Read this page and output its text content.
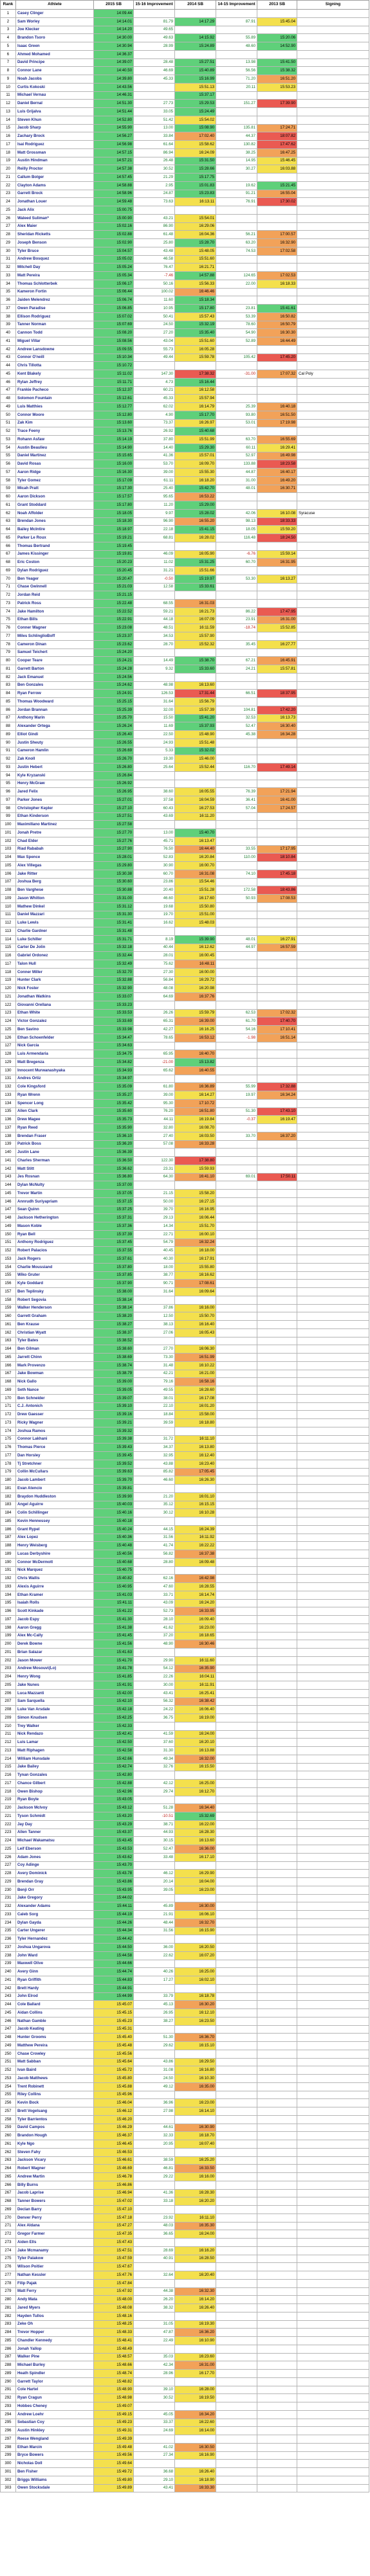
Rank	Athlete	2015 SB	15-16 Improvement	2014 SB	14-15 Improvement	2013 SB	Signing
1	Casey Clinger	14:09.44					
2	Sam Worley	14:14.01	81.79	14:17.29	87.91	15:45.04	
3	Joe Klecker	14:14.20	49.65				
4	Brandon Tsoro	14:30.00	49.63	14:15.92	55.89	15:20.06	
5	Isaac Green	14:30.94	28.99	15:24.89	48.60	14:52.90	
6	Ahmed Mohamed	14:36.37					
7	David Principe	14:39.07	28.48	15:27.51	13.98	15:41.50	
8	Connor Lane	14:40.50	46.69	15:40.89	56.56	15:38.32	
9	Noah Jacobs	14:39.80	45.33	15:16.99	71.20	16:51.20	
10	Curtis Kokoski	14:43.56		15:51.13	20.11	15:53.23	
11	Michael Vernau	14:46.31		15:37.17			
12	Daniel Bernal	14:51.30	27.73	15:29.53	151.27	17:39.90	
13	Luis Grijalva	14:51.44	33.05	15:24.49			
14	Steven Khun	14:52.80	51.42	15:54.02			
15	Jacob Sharp	14:55.90	13.00	15:08.90	135.81	17:24.71	
16	Zachary Brock	14:56.27	33.84	17:02.40	44.37	18:07.82	
17	Isai Rodriguez	14:56.98	61.64	15:58.62	130.82	17:47.62	
18	Matt Grossman	14:57.15	86.94	16:24.09	38.25	16:47.25	
19	Austin Hindman	14:57.21	26.48	15:31.50	14.95	15:46.45	
20	Reilly Proctor	14:57.38	30.52	15:28.66	30.27	16:03.88	
21	Callum Bolger	14:57.45	21.29	15:17.75			
22	Clayton Adams	14:58.88	2.95	15:01.83	19.62	15:21.45	
23	Garrett Brock	14:58.96	24.87	15:23.83	91.21	16:55.04	
24	Jonathan Louer	14:59.48	73.63	16:13.11	76.91	17:30.02	
25	Jack Alix	15:00.75					
26	Waleed Suliman*	15:00.90	43.21	15:54.01			
27	Alex Maier	15:02.16	86.90	16:29.06			
28	Sheridan Ricketts	15:02.88	61.48	16:04.36	56.21	17:00.57	
29	Joseph Benson	15:02.90	25.80	15:28.70	63.20	16:32.90	
30	Tyler Bruce	15:04.57	43.48	15:48.05	74.53	17:02.58	
31	Andrew Bosquez	15:05.02	46.58	15:51.60			
32	Mitchell Day	15:05.24	76.47	16:21.71			
33	Matt Pereira	15:05.34	-7.46	14:57.88	124.65	17:02.53	
34	Thomas Schlotterbek	15:06.17	50.16	15:56.33	22.00	16:18.33	
35	Kameron Fortin	15:06.44	100.02	16:46.46			
36	Jaiden Melendrez	15:06.74	11.60	15:18.34			
37	Owen Paradise	15:06.85	10.95	15:17.80	23.81	15:41.61	
38	Ellison Rodriguez	15:07.02	50.41	15:57.43	53.39	16:50.82	
39	Tanner Norman	15:07.69	24.50	15:32.19	78.60	16:50.79	
40	Cannon Todd	15:08.20	27.20	15:35.40	54.90	16:30.30	
41	Miguel Villar	15:08.56	43.04	15:51.60	52.89	16:44.49	
42	Andrew Lansdowne	15:09.55	55.73	16:05.28			
43	Connor O'neill	15:10.34	49.44	15:59.78	105.42	17:45.20	
44	Chris Tillotta	15:10.72					
45	Kent Blakely	15:11.02	147.30	17:38.32	-31.00	17:07.32	Cal Poly
46	Rylan Jeffrey	15:11.71	4.73	15:16.44			
47	Frankie Pacheco	15:12.37	60.21	16:12.58			
48	Solomon Fountain	15:12.61	45.33	15:57.94			
49	Luis Matthies	15:12.77	62.02	16:14.79	25.39	16:40.18	
50	Connor Moore	15:12.80	4.90	15:17.70	93.80	16:51.50	
51	Zak Kim	15:13.60	73.37	16:26.97	53.01	17:19.98	
52	Trace Feeny	15:13.76	26.92	15:40.68			
53	Rohann Asfaw	15:14.19	37.80	15:51.99	63.70	16:55.69	
54	Austin Beaulieu	15:14.90	14.40	15:29.30	60.11	16:29.41	
55	Daniel Martinez	15:15.65	41.36	15:57.01	52.97	16:49.98	
56	David Rosas	15:16.00	53.70	16:09.70	133.88	18:23.58	
57	Aaron Ridge	15:16.30	39.00	15:55.30	44.87	16:40.17	
58	Tyler Gomez	15:17.09	61.11	16:18.20	31.00	16:49.20	
59	Micah Pratt	15:17.30	25.40	15:42.70	48.01	16:30.71	
60	Aaron Dickson	15:17.57	95.65	16:53.22			
61	Grant Stoddard	15:17.80	11.20	15:29.00			
62	Noah Affolder	15:18.05	9.97	15:28.02	42.06	16:10.08	Syracuse
63	Brendan Jones	15:18.30	96.90	16:55.20	98.13	18:33.33	
64	Bailey McIntire	15:18.97	22.18	15:41.15	18.05	15:59.20	
65	Parker Le Roux	15:19.21	68.81	16:28.02	116.48	18:24.50	
66	Thomas Bertrand	15:19.45					
67	James Kissinger	15:19.81	46.09	16:05.90	-6.76	15:59.14	
68	Eric Coston	15:20.23	11.02	15:31.25	60.70	16:31.95	
69	Dylan Rodriguez	15:20.45	31.21	15:51.66			
70	Ben Yeager	15:20.47	-0.50	15:19.97	53.30	16:13.27	
71	Chase Gwinnell	15:21.03	12.58	15:33.61			
72	Jordan Reid	15:21.15					
73	Patrick Ross	15:22.48	68.55	16:31.03			
74	Jake Hamilton	15:22.52	59.21	16:21.73	86.22	17:47.95	
75	Ethan Bills	15:22.91	44.18	16:07.09	23.91	16:31.00	
76	Conner Wagner	15:23.08	48.51	16:11.59	-18.74	15:52.85	
77	Miles SchlinglioBoff	15:23.37	34.53	15:57.90			
78	Cameron Dinan	15:23.62	28.70	15:52.32	35.45	16:27.77	
79	Samuel Teichert	15:24.20					
80	Cooper Teare	15:24.21	14.49	15:38.70	67.21	16:45.91	
81	Garrett Barton	15:24.28	9.32	15:33.60	24.21	15:57.81	
82	Jack Emanuel	15:24.56					
83	Ben Gonzales	15:24.62	48.98	16:13.60			
84	Ryan Ferrow	15:24.91	126.53	17:31.44	66.51	18:37.95	
85	Thomas Woodward	15:25.15	31.64	15:56.79			
86	Jordan Brannan	15:25.39	32.00	15:57.39	104.81	17:42.20	
87	Anthony Marin	15:25.70	15.50	15:41.20	32.53	16:13.73	
88	Alexander Ortega	15:26.24	11.69	15:37.93	52.47	16:30.40	
89	Elliot Gindi	15:26.40	22.50	15:48.90	45.38	16:34.28	
90	Justin Sheuty	15:26.55	24.93	15:51.48			
91	Cameron Hamlin	15:26.69	5.33	15:32.02			
92	Zak Knoll	15:26.70	19.30	15:46.00			
93	Justin Hebert	15:26.80	25.64	15:52.44	116.70	17:49.14	
94	Kyle Kryzanski	15:26.84					
95	Henry McGraw	15:26.92					
96	Jared Felix	15:26.95	38.60	16:05.55	76.39	17:21.94	
97	Parker Jones	15:27.01	37.58	16:04.59	36.41	16:41.00	
98	Christopher Kepler	15:27.10	60.43	16:27.53	57.04	17:24.57	
99	Ethan Kinderson	15:27.51	43.69	16:11.20			
100	Maximillano Martinez	15:27.58					
101	Jonah Pretre	15:27.70	13.00	15:40.70			
102	Chad Elder	15:27.76	45.71	16:13.47			
103	Riad Rababah	15:27.90	76.50	16:44.40	33.55	17:17.95	
104	Max Spence	15:28.01	52.83	16:20.84	110.00	18:10.84	
105	Alex Villegas	15:29.80	30.90	16:00.70			
106	Jake Ritter	15:30.38	60.70	16:31.08	74.10	17:45.18	
107	Joshua Berg	15:30.60	23.86	15:54.46			
108	Ben Varghese	15:30.88	20.40	15:51.28	172.58	18:43.86	
109	Jason Whitton	15:31.00	46.60	16:17.60	50.93	17:08.53	
110	Mathew Dinkel	15:31.12	19.68	15:50.80			
111	Daniel Mazzari	15:31.30	19.70	15:51.00			
112	Luke Lewis	15:31.41	16.62	15:48.03			
113	Charlie Gardner	15:31.48					
114	Luke Schiller	15:31.71	8.19	15:39.90	48.01	16:27.91	
115	Carter De Jolin	15:32.18	40.44	16:12.62	44.97	16:57.59	
116	Gabriel Ordonez	15:32.44	28.01	16:00.45			
117	Talon Hull	15:32.49	75.62	16:48.11			
118	Conner Miller	15:32.70	27.30	16:00.00			
119	Hunter Clark	15:32.88	56.84	16:29.72			
120	Nick Foster	15:32.90	48.08	16:20.98			
121	Jonathan Watkins	15:33.07	64.69	16:37.76			
122	Giovanni Orellana	15:33.23					
123	Ethan White	15:33.53	26.26	15:59.79	62.53	17:02.32	
124	Victor Gonzalez	15:33.69	65.31	16:39.00	61.70	17:40.70	
125	Ben Savino	15:33.98	42.27	16:16.25	54.16	17:10.41	
126	Ethan Schoenfelder	15:34.47	78.65	16:53.12	-1.98	16:51.14	
127	Nick Garcia	15:34.63					
128	Luis Armendaria	15:34.75	65.95	16:40.70			
129	Matt Bregenza	15:34.82	-21.00	15:13.82			
130	Innocent Murwanashyaka	15:34.93	65.62	16:40.55			
131	Andres Ortiz	15:34.97					
132	Cole Kingsford	15:35.09	61.80	16:36.89	55.99	17:32.88	
133	Ryan Wrenn	15:35.27	39.00	16:14.27	19.97	16:34.24	
134	Spencer Long	15:35.42	95.30	17:10.72			
135	Allen Clark	15:35.60	76.20	16:51.80	51.30	17:43.10	
136	Drew Magee	15:35.73	44.11	16:19.84	-0.37	16:19.47	
137	Ryan Reed	15:35.90	32.80	16:08.70			
138	Brendan Fraser	15:36.10	27.40	16:03.50	33.70	16:37.20	
139	Patrick Boss	15:36.20	57.08	16:33.28			
140	Justin Lane	15:36.39					
141	Charles Sherman	15:36.50	122.30	17:38.80			
142	Matt Stitt	15:36.62	23.31	15:59.93			
143	Jes Rosnan	15:36.80	64.30	16:41.10	69.01	17:50.11	
144	Dylan McNulty	15:37.00					
145	Trevor Martin	15:37.05	21.15	15:58.20			
146	Annrudh Suriyapriam	15:37.15	50.00	16:27.15			
147	Sean Quinn	15:37.25	39.70	16:16.95			
148	Jackson Hetherington	15:37.31	29.13	16:06.44			
149	Mason Koble	15:37.36	14.34	15:51.70			
150	Ryan Bell	15:37.39	22.71	16:00.10			
151	Anthony Rodriguez	15:37.45	54.79	16:32.24			
152	Robert Palacios	15:37.55	40.45	16:18.00			
153	Jack Rogers	15:37.61	40.30	16:17.91			
154	Charlie Moussiand	15:37.80	18.00	15:55.80			
155	Wiko Gruter	15:37.85	38.77	16:16.62			
156	Kyle Goddard	15:37.90	90.71	17:08.61			
157	Ben Teplinsky	15:38.00	31.64	16:09.64			
158	Robert Segovia	15:38.14					
159	Walker Henderson	15:38.14	37.86	16:16.00			
160	Garrett Graham	15:38.20	12.50	15:50.70			
161	Ben Krause	15:38.27	38.13	16:16.40			
162	Christian Wyatt	15:38.37	27.06	16:05.43			
163	Tyler Bates	15:38.52					
164	Ben Gilman	15:38.60	27.70	16:06.30			
165	Jarrett Chinn	15:38.69	73.30	16:51.99			
166	Mark Provenzo	15:38.74	31.48	16:10.22			
167	Jake Bowman	15:38.79	42.21	16:21.00			
168	Nick Gallo	15:39.00	79.16	16:58.16			
169	Seth Nance	15:39.05	49.55	16:28.60			
170	Ben Schneider	15:39.07	38.01	16:17.08			
171	C.J. Antonich	15:39.10	22.10	16:01.20			
172	Drew Gaesser	15:39.16	18.84	15:58.00			
173	Ricky Wagner	15:39.21	39.59	16:18.80			
174	Joshua Ramos	15:39.32					
175	Connor Lakhani	15:39.38	31.72	16:11.10			
176	Thomas Pierce	15:39.43	34.37	16:13.80			
177	Dan Horsley	15:39.45	32.95	16:12.40			
178	Tj Stretchner	15:39.52	43.88	16:23.40			
179	Collin McCullars	15:39.63	85.82	17:05.45			
180	Jacob Lambert	15:39.70	46.60	16:26.30			
181	Evan Atencio	15:39.81					
182	Braydon Huddleston	15:39.90	21.20	16:01.10			
183	Angel Aguirre	15:40.03	35.12	16:15.15			
184	Colin Schillinger	15:40.16	30.12	16:10.28			
185	Kevin Hennessey	15:40.18					
186	Grant Rypel	15:40.24	44.15	16:24.39			
187	Alex Lopez	15:40.36	31.56	16:11.92			
188	Henry Weisberg	15:40.48	41.74	16:22.22			
189	Lucas Derbyshire	15:40.56	56.82	16:37.38			
190	Connor McDermott	15:40.68	28.80	16:09.48			
191	Nick Marquez	15:40.75					
192	Chris Wallis	15:40.82	62.16	16:42.98			
193	Alexis Aguirre	15:40.95	47.60	16:28.55			
194	Ethan Kramer	15:41.03	33.71	16:14.74			
195	Isaiah Rolls	15:41.11	43.09	16:24.20			
196	Scott Kinkade	15:41.22	52.73	16:33.95			
197	Jacob Espy	15:41.30	28.10	16:09.40			
198	Aaron Gregg	15:41.38	41.62	16:23.00			
199	Alex Mc-Cally	15:41.45	37.20	16:18.65			
200	Derek Bowne	15:41.56	48.90	16:30.46			
201	Brian Salazar	15:41.63					
202	Jason Mower	15:41.70	29.90	16:11.60			
203	Andrew Mosouvi(Lo)	15:41.78	54.12	16:35.90			
204	Henry Wong	15:41.85	22.26	16:04.11			
205	Jake Nunes	15:41.91	30.00	16:11.91			
206	Luca Mazzanti	15:42.00	43.41	16:25.41			
207	Sam Sarquella	15:42.10	56.32	16:38.42			
208	Luke Van Arsdale	15:42.18	24.22	16:06.40			
209	Simon Knudsen	15:42.25	36.75	16:19.00			
210	Trey Walker	15:42.33					
211	Nick Rendazo	15:42.41	41.59	16:24.00			
212	Luis Lamar	15:42.50	37.60	16:20.10			
213	Matt Riphagen	15:42.58	31.30	16:13.88			
214	William Hunsdale	15:42.66	49.34	16:32.00			
215	Jake Bailey	15:42.74	32.76	16:15.50			
216	Tynan Gonzales	15:42.80					
217	Chance Gilbert	15:42.88	42.12	16:25.00			
218	Owen Bishop	15:42.96	29.74	16:12.70			
219	Ryan Boyle	15:43.05					
220	Jackson McIvoy	15:43.12	51.28	16:34.40			
221	Tyson Schmidt	15:43.20	-10.51	15:32.69			
222	Jay Day	15:43.29	38.71	16:22.00			
223	Allen Tanner	15:43.37	44.93	16:28.30			
224	Michael Wakamatsu	15:43.45	30.15	16:13.60			
225	Leif Eberson	15:43.53	52.47	16:36.00			
226	Adam Jones	15:43.62	33.48	16:17.10			
227	Coy Adinge	15:43.70					
228	Avery Dominick	15:43.78	46.12	16:29.90			
229	Brendan Gray	15:43.86	20.14	16:04.00			
230	Benji Orr	15:43.95	39.05	16:23.00			
231	Jake Gregory	15:44.02					
232	Alexander Adams	15:44.11	45.89	16:30.00			
233	Caleb Sorg	15:44.19	21.91	16:06.10			
234	Dylan Gayda	15:44.26	48.44	16:32.70			
235	Carter Ungerer	15:44.34	31.56	16:15.90			
236	Tyler Hernandez	15:44.42					
237	Joshua Ungarova	15:44.50	36.00	16:20.50			
238	John Ward	15:44.58	22.62	16:07.20			
239	Maxwell Olive	15:44.66					
240	Avery Ginn	15:44.74	40.26	16:25.00			
241	Ryan Griffith	15:44.83	17.27	16:02.10			
242	Brett Hardy	15:44.91					
243	John Elrod	15:44.99	33.79	16:18.78			
244	Cole Ballard	15:45.07	45.13	16:30.20			
245	Aidan Collins	15:45.15	26.95	16:12.10			
246	Nathan Gamble	15:45.23	38.27	16:23.50			
247	Jacob Keating	15:45.31					
248	Hunter Grooms	15:45.40	51.30	16:36.70			
249	Matthew Pereira	15:45.48	29.62	16:15.10			
250	Chase Crowley	15:45.56					
251	Matt Sabban	15:45.64	43.86	16:29.50			
252	Ivan Baird	15:45.72	31.08	16:16.80			
253	Jacob Matthews	15:45.80	24.50	16:10.30			
254	Trent Robinett	15:45.88	49.12	16:35.00			
255	Riley Collins	15:45.96					
256	Kevin Bock	15:46.04	36.96	16:23.00			
257	Brett Vogelsang	15:46.12	27.98	16:14.10			
258	Tyler Barrientos	15:46.20					
259	David Campos	15:46.29	44.61	16:30.90			
260	Brandon Hough	15:46.37	32.33	16:18.70			
261	Kyle Ngo	15:46.45	20.95	16:07.40			
262	Steven Fahy	15:46.53					
263	Jackson Vicary	15:46.61	38.59	16:25.20			
264	Robert Wagner	15:46.69	46.81	16:33.50			
265	Andrew Martin	15:46.78	29.22	16:16.00			
266	Billy Burns	15:46.86					
267	Jacob Laprise	15:46.94	41.36	16:28.30			
268	Tanner Bowers	15:47.02	33.18	16:20.20			
269	Declan Barry	15:47.10					
270	Denver Perry	15:47.18	23.92	16:11.10			
271	Alex Aldana	15:47.27	48.03	16:35.30			
272	Gregor Farmer	15:47.35	36.65	16:24.00			
273	Aiden Ells	15:47.43					
274	Jake Mcmanamy	15:47.51	28.69	16:16.20			
275	Tyler Palakow	15:47.59	40.91	16:28.50			
276	Wilson Poitier	15:47.67					
277	Nathan Kessler	15:47.76	32.64	16:20.40			
278	Filip Pajak	15:47.84					
279	Matt Ferry	15:47.92	44.38	16:32.30			
280	Andy Mata	15:48.00	26.20	16:14.20			
281	Jared Myers	15:48.08	38.32	16:26.40			
282	Hayden Tullos	15:48.16					
283	Zeke Oh	15:48.25	31.05	16:19.30			
284	Trevor Hopper	15:48.33	47.87	16:36.20			
285	Chandler Kennedy	15:48.41	22.49	16:10.90			
286	Jonah Yallop	15:48.49					
287	Walker Pine	15:48.57	35.03	16:23.60			
288	Michael Burley	15:48.66	42.34	16:31.00			
289	Heath Spindler	15:48.74	28.96	16:17.70			
290	Garrett Taylor	15:48.82					
291	Cole Hartel	15:48.90	39.10	16:28.00			
292	Ryan Cragun	15:48.98	30.52	16:19.50			
293	Hobbes Cheney	15:49.07					
294	Andrew Loehr	15:49.15	45.05	16:34.20			
295	Sebastian Coy	15:49.23	33.37	16:22.60			
296	Austin Hinkley	15:49.31	24.69	16:14.00			
297	Reese Wengland	15:49.39					
298	Ethan Marcin	15:49.48	41.02	16:30.50			
299	Bryce Bowers	15:49.56	27.34	16:16.90			
300	Nicholas Doll	15:49.64					
301	Ben Fisher	15:49.72	36.68	16:26.40			
302	Briggs Williams	15:49.80	29.10	16:18.90			
303	Owen Stocksdale	15:49.89	43.41	16:33.30			
